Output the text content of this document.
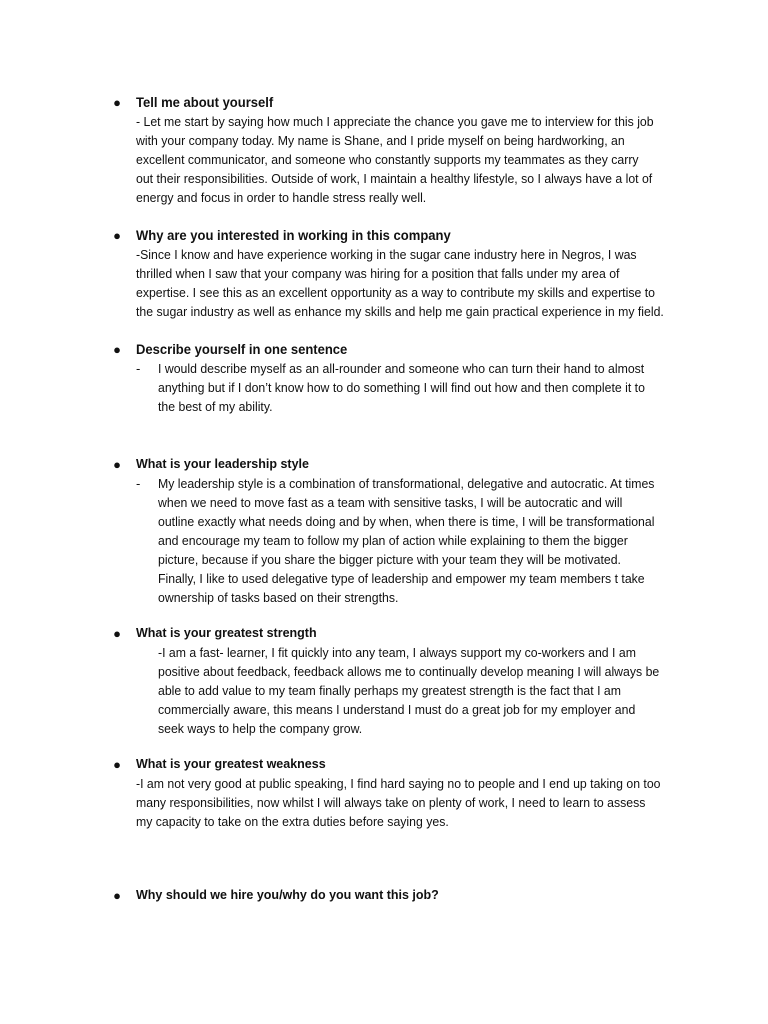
● Tell me about yourself
- Let me start by saying how much I appreciate the chance you gave me to interview for this job
with your company today. My name is Shane, and I pride myself on being hardworking, an
excellent communicator, and someone who constantly supports my teammates as they carry
out their responsibilities. Outside of work, I maintain a healthy lifestyle, so I always have a lot of
energy and focus in order to handle stress really well.
● Why are you interested in working in this company
-Since I know and have experience working in the sugar cane industry here in Negros, I was
thrilled when I saw that your company was hiring for a position that falls under my area of
expertise. I see this as an excellent opportunity as a way to contribute my skills and expertise to
the sugar industry as well as enhance my skills and help me gain practical experience in my field.
● Describe yourself in one sentence
- I would describe myself as an all-rounder and someone who can turn their hand to almost
anything but if I don’t know how to do something I will find out how and then complete it to
the best of my ability.
● What is your leadership style
- My leadership style is a combination of transformational, delegative and autocratic. At times
when we need to move fast as a team with sensitive tasks, I will be autocratic and will
outline exactly what needs doing and by when, when there is time, I will be transformational
and encourage my team to follow my plan of action while explaining to them the bigger
picture, because if you share the bigger picture with your team they will be motivated.
Finally, I like to used delegative type of leadership and empower my team members t take
ownership of tasks based on their strengths.
● What is your greatest strength
-I am a fast- learner, I fit quickly into any team, I always support my co-workers and I am
positive about feedback, feedback allows me to continually develop meaning I will always be
able to add value to my team finally perhaps my greatest strength is the fact that I am
commercially aware, this means I understand I must do a great job for my employer and
seek ways to help the company grow.
● What is your greatest weakness
-I am not very good at public speaking, I find hard saying no to people and I end up taking on too
many responsibilities, now whilst I will always take on plenty of work, I need to learn to assess
my capacity to take on the extra duties before saying yes.
● Why should we hire you/why do you want this job?
